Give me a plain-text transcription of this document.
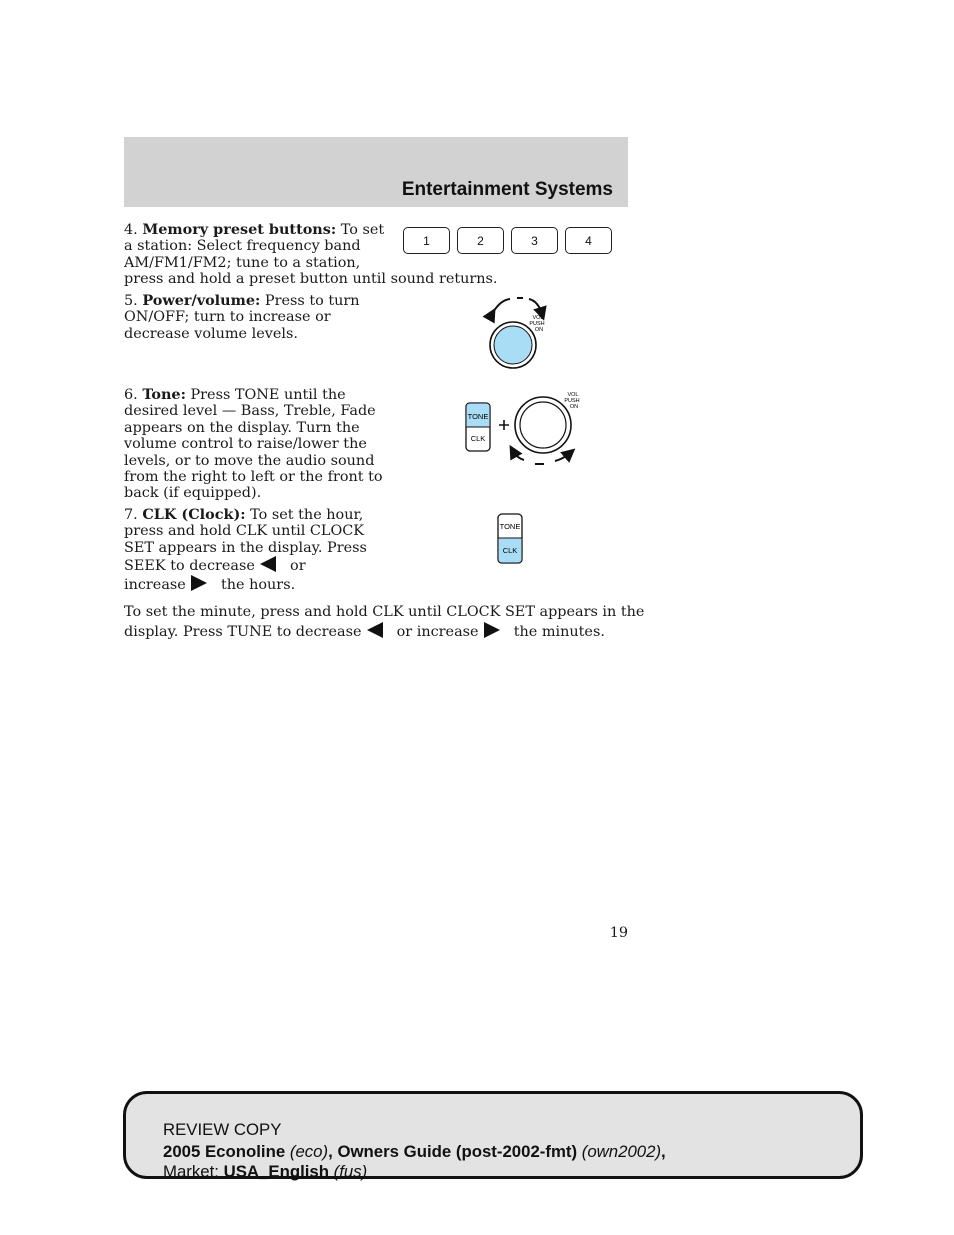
Entertainment Systems

4. Memory preset buttons: To set
a station: Select frequency band
AM/FM1/FM2; tune to a station,
press and hold a preset button until sound returns.

1	2	3	4

5. Power/volume: Press to turn
ON/OFF; turn to increase or
decrease volume levels.

VOL
PUSH
ON

6. Tone: Press TONE until the
desired level — Bass, Treble, Fade
appears on the display. Turn the
volume control to raise/lower the
levels, or to move the audio sound
from the right to left or the front to
back (if equipped).

TONE
CLK
VOL
PUSH
ON

7. CLK (Clock): To set the hour,
press and hold CLK until CLOCK
SET appears in the display. Press
SEEK to decrease or
increase the hours.

TONE
CLK

To set the minute, press and hold CLK until CLOCK SET appears in the
display. Press TUNE to decrease or increase the minutes.

19

REVIEW COPY

2005 Econoline (eco), Owners Guide (post-2002-fmt) (own2002),

Market: USA_English (fus)
